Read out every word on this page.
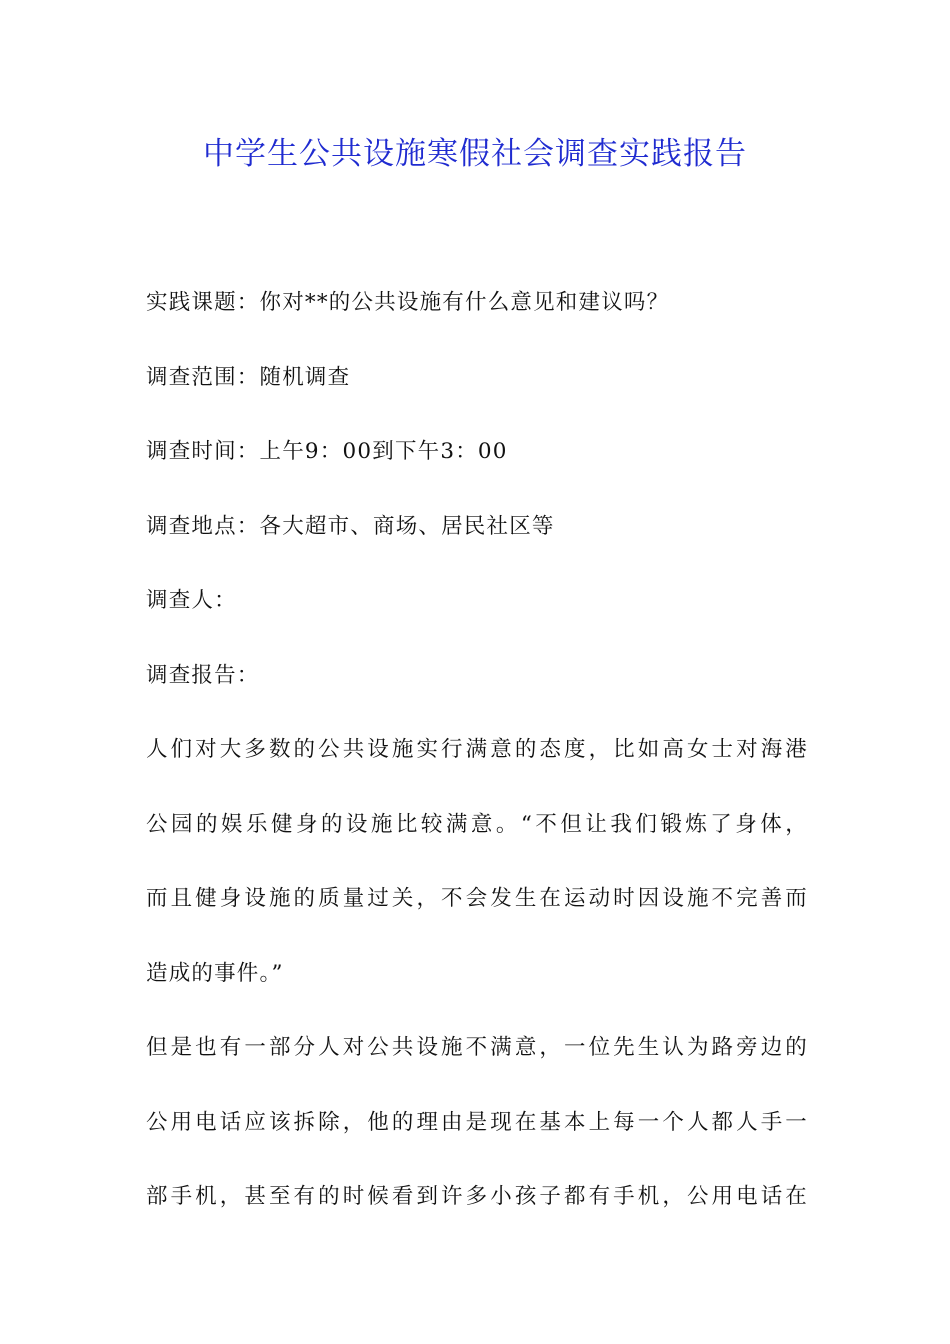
中学生公共设施寒假社会调查实践报告
实践课题：你对**的公共设施有什么意见和建议吗？
调查范围：随机调查
调查时间：上午9：00到下午3：00
调查地点：各大超市、商场、居民社区等
调查人：
调查报告：
人们对大多数的公共设施实行满意的态度，比如高女士对海港
公园的娱乐健身的设施比较满意。“不但让我们锻炼了身体，
而且健身设施的质量过关，不会发生在运动时因设施不完善而
造成的事件。”
但是也有一部分人对公共设施不满意，一位先生认为路旁边的
公用电话应该拆除，他的理由是现在基本上每一个人都人手一
部手机，甚至有的时候看到许多小孩子都有手机，公用电话在
